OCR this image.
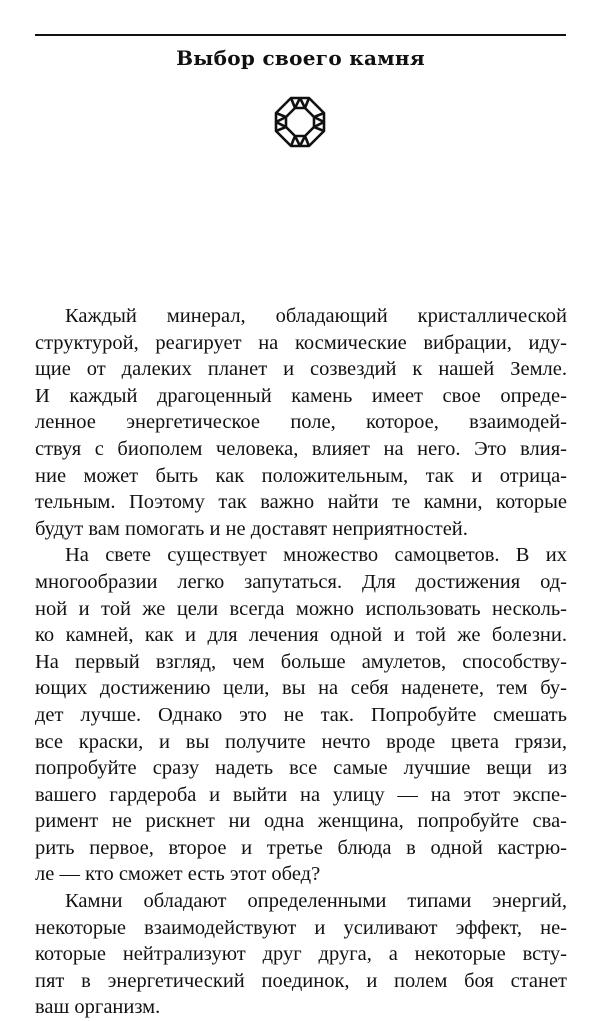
Выбор своего камня
Каждый минерал, обладающий кристаллической
структурой, реагирует на космические вибрации, иду-
щие от далеких планет и созвездий к нашей Земле.
И каждый драгоценный камень имеет свое опреде-
ленное энергетическое поле, которое, взаимодей-
ствуя с биополем человека, влияет на него. Это влия-
ние может быть как положительным, так и отрица-
тельным. Поэтому так важно найти те камни, которые
будут вам помогать и не доставят неприятностей.
На свете существует множество самоцветов. В их
многообразии легко запутаться. Для достижения од-
ной и той же цели всегда можно использовать несколь-
ко камней, как и для лечения одной и той же болезни.
На первый взгляд, чем больше амулетов, способству-
ющих достижению цели, вы на себя наденете, тем бу-
дет лучше. Однако это не так. Попробуйте смешать
все краски, и вы получите нечто вроде цвета грязи,
попробуйте сразу надеть все самые лучшие вещи из
вашего гардероба и выйти на улицу — на этот экспе-
римент не рискнет ни одна женщина, попробуйте сва-
рить первое, второе и третье блюда в одной кастрю-
ле — кто сможет есть этот обед?
Камни обладают определенными типами энергий,
некоторые взаимодействуют и усиливают эффект, не-
которые нейтрализуют друг друга, а некоторые всту-
пят в энергетический поединок, и полем боя станет
ваш организм.
